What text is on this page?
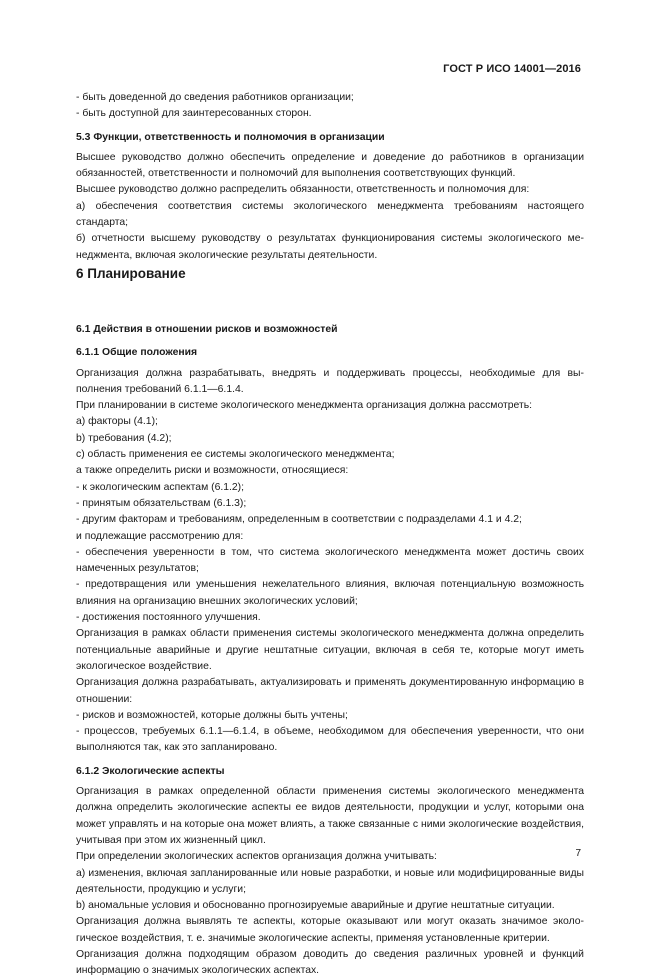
ГОСТ Р ИСО 14001—2016

- быть доведенной до сведения работников организации;

- быть доступной для заинтересованных сторон.

5.3 Функции, ответственность и полномочия в организации

Высшее руководство должно обеспечить определение и доведение до работников в организации обязанностей, ответственности и полномочий для выполнения соответствующих функций.

Высшее руководство должно распределить обязанности, ответственность и полномочия для:

а) обеспечения соответствия системы экологического менеджмента требованиям настоящего стандарта;

б) отчетности высшему руководству о результатах функционирования системы экологического менеджмента, включая экологические результаты деятельности.

6 Планирование

6.1 Действия в отношении рисков и возможностей

6.1.1 Общие положения

Организация должна разрабатывать, внедрять и поддерживать процессы, необходимые для выполнения требований 6.1.1—6.1.4.

При планировании в системе экологического менеджмента организация должна рассмотреть:

a) факторы (4.1);

b) требования (4.2);

c) область применения ее системы экологического менеджмента;

а также определить риски и возможности, относящиеся:

- к экологическим аспектам (6.1.2);

- принятым обязательствам (6.1.3);

- другим факторам и требованиям, определенным в соответствии с подразделами 4.1 и 4.2;

и подлежащие рассмотрению для:

- обеспечения уверенности в том, что система экологического менеджмента может достичь своих намеченных результатов;

- предотвращения или уменьшения нежелательного влияния, включая потенциальную возможность влияния на организацию внешних экологических условий;

- достижения постоянного улучшения.

Организация в рамках области применения системы экологического менеджмента должна определить потенциальные аварийные и другие нештатные ситуации, включая в себя те, которые могут иметь экологическое воздействие.

Организация должна разрабатывать, актуализировать и применять документированную информацию в отношении:

- рисков и возможностей, которые должны быть учтены;

- процессов, требуемых 6.1.1—6.1.4, в объеме, необходимом для обеспечения уверенности, что они выполняются так, как это запланировано.

6.1.2 Экологические аспекты

Организация в рамках определенной области применения системы экологического менеджмента должна определить экологические аспекты ее видов деятельности, продукции и услуг, которыми она может управлять и на которые она может влиять, а также связанные с ними экологические воздействия, учитывая при этом их жизненный цикл.

При определении экологических аспектов организация должна учитывать:

a) изменения, включая запланированные или новые разработки, и новые или модифицированные виды деятельности, продукцию и услуги;

b) аномальные условия и обоснованно прогнозируемые аварийные и другие нештатные ситуации.

Организация должна выявлять те аспекты, которые оказывают или могут оказать значимое экологическое воздействия, т. е. значимые экологические аспекты, применяя установленные критерии.

Организация должна подходящим образом доводить до сведения различных уровней и функций информацию о значимых экологических аспектах.

7
